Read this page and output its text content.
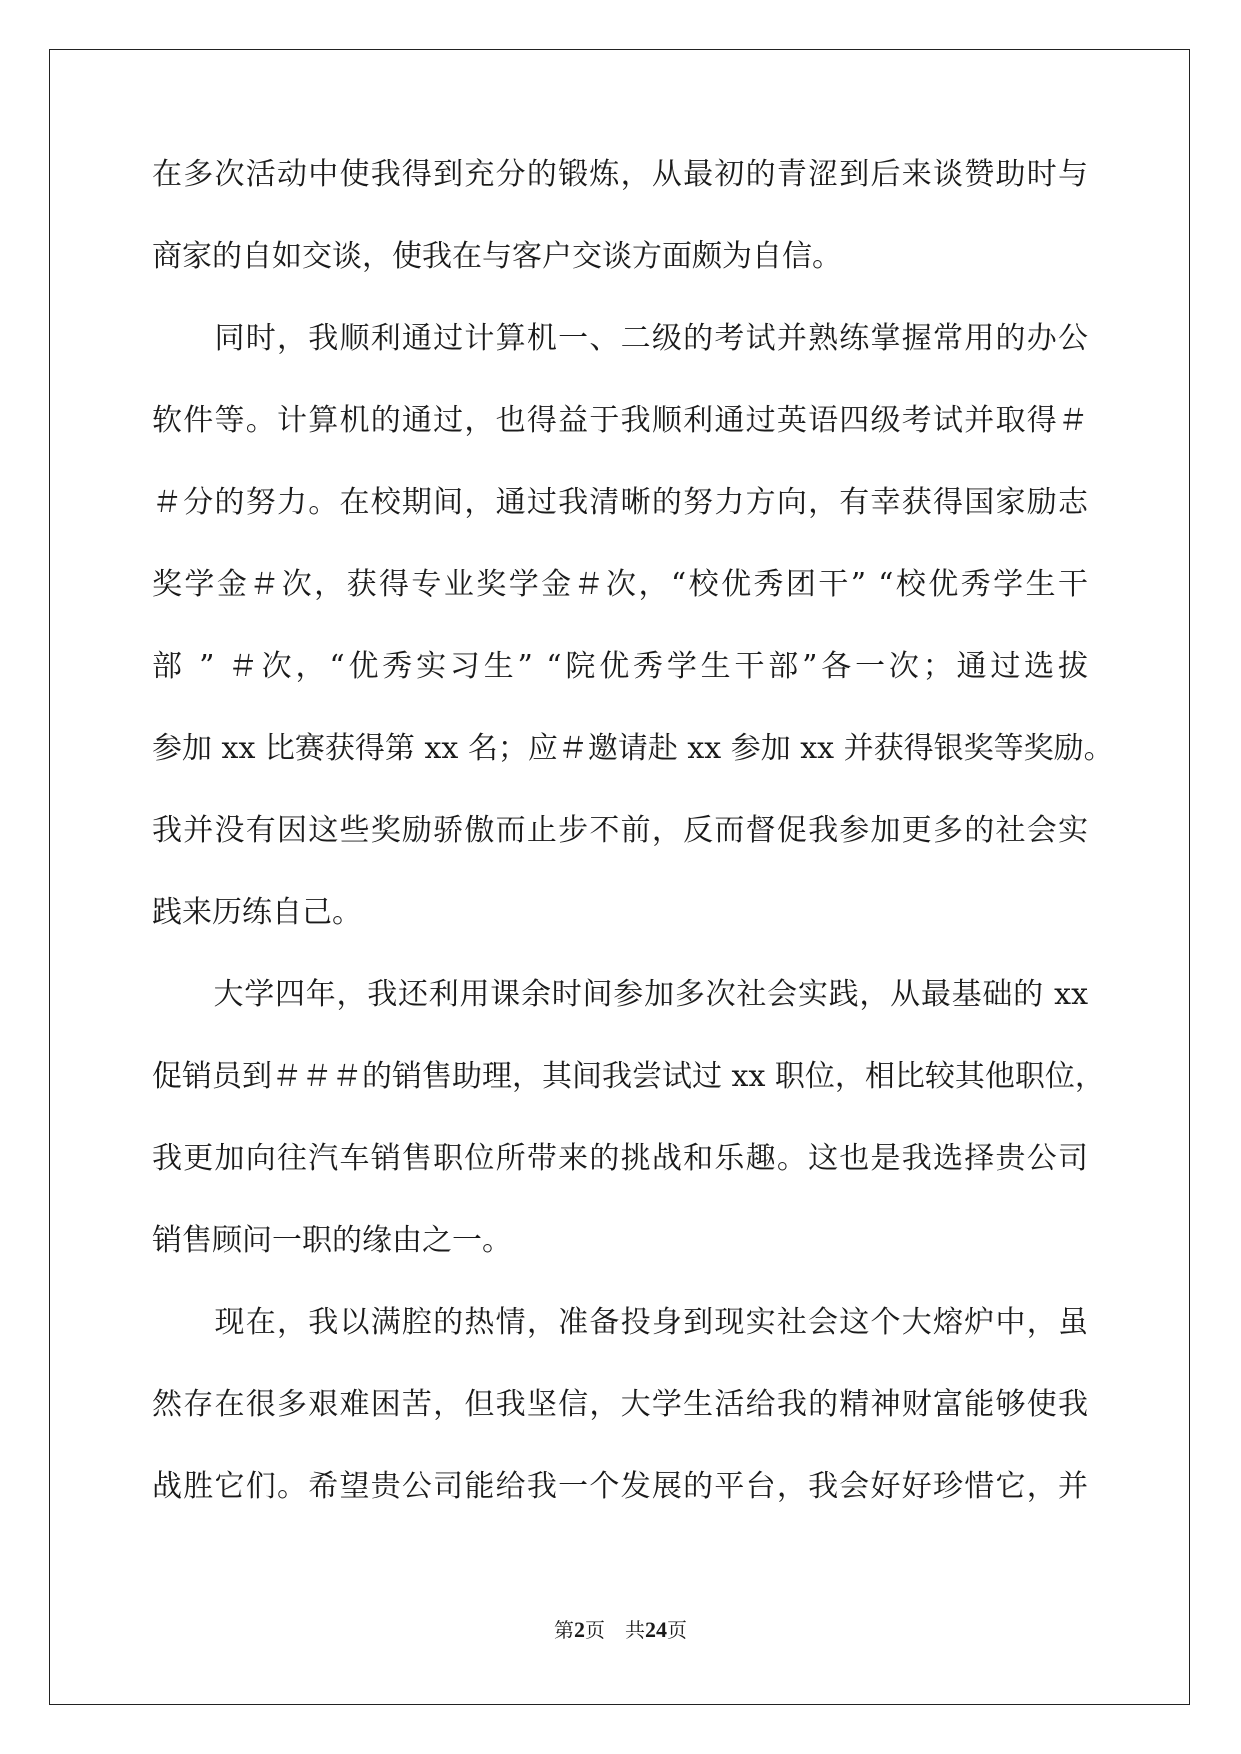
在多次活动中使我得到充分的锻炼，从最初的青涩到后来谈赞助时与
商家的自如交谈，使我在与客户交谈方面颇为自信。
　　同时，我顺利通过计算机一、二级的考试并熟练掌握常用的办公
软件等。计算机的通过，也得益于我顺利通过英语四级考试并取得＃
＃分的努力。在校期间，通过我清晰的努力方向，有幸获得国家励志
奖学金＃次，获得专业奖学金＃次，“校优秀团干” “校优秀学生干
部 ” ＃次，“优秀实习生” “院优秀学生干部”各一次；通过选拔
参加 xx 比赛获得第 xx 名；应＃邀请赴 xx 参加 xx 并获得银奖等奖励。
我并没有因这些奖励骄傲而止步不前，反而督促我参加更多的社会实
践来历练自己。
　　大学四年，我还利用课余时间参加多次社会实践，从最基础的 xx
促销员到＃＃＃的销售助理，其间我尝试过 xx 职位，相比较其他职位，
我更加向往汽车销售职位所带来的挑战和乐趣。这也是我选择贵公司
销售顾问一职的缘由之一。
　　现在，我以满腔的热情，准备投身到现实社会这个大熔炉中，虽
然存在很多艰难困苦，但我坚信，大学生活给我的精神财富能够使我
战胜它们。希望贵公司能给我一个发展的平台，我会好好珍惜它，并
第2页　共24页
